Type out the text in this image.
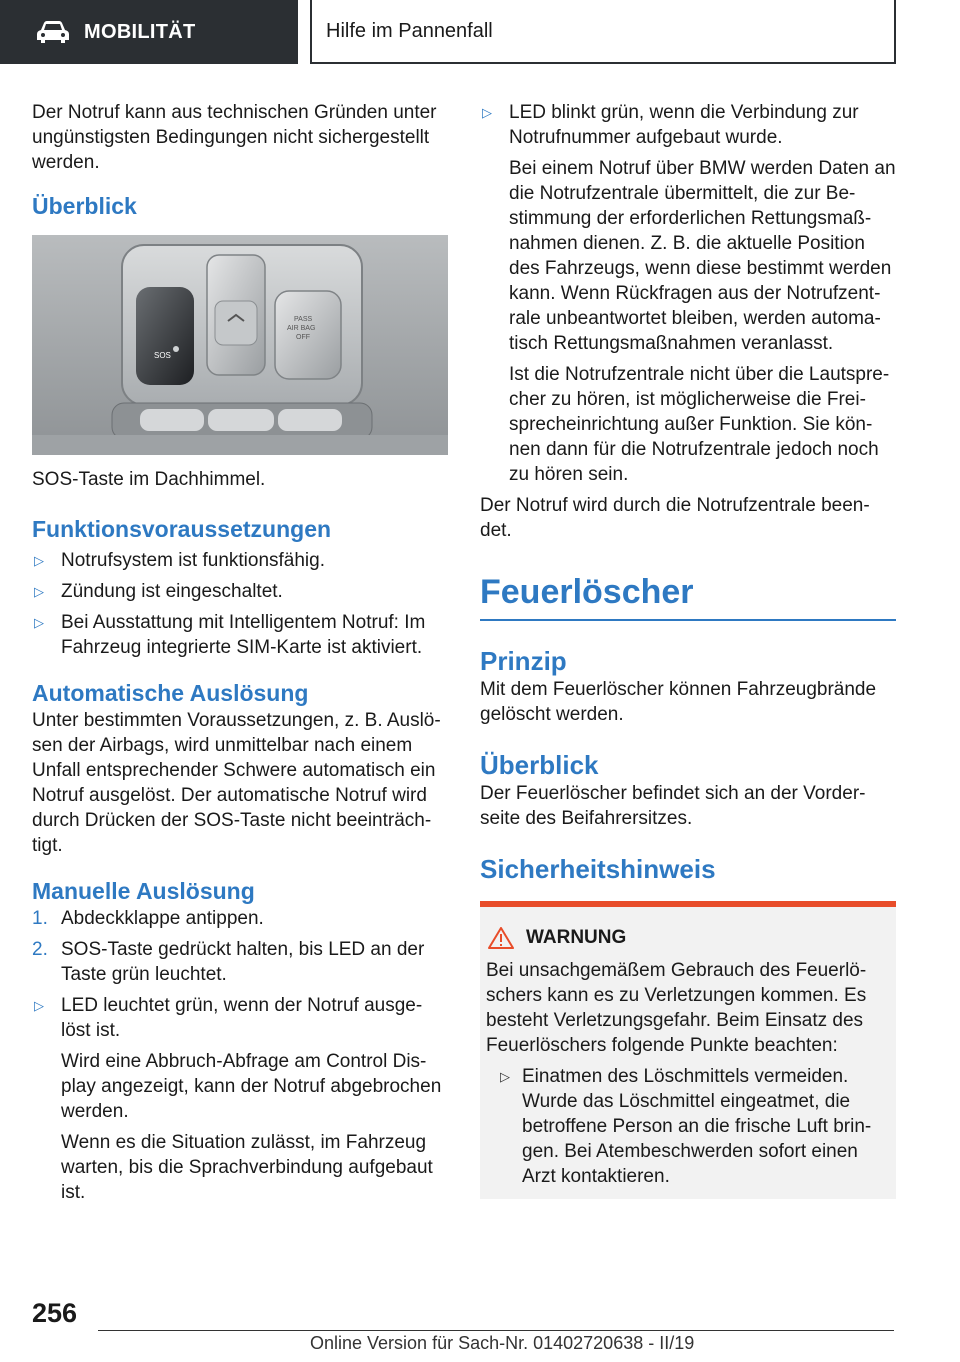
MOBILITÄT	Hilfe im Pannenfall

Der Notruf kann aus technischen Gründen unter ungünstigsten Bedingungen nicht sichergestellt werden.

Überblick

SOS
PASS
AIR BAG
OFF

SOS-Taste im Dachhimmel.

Funktionsvoraussetzungen

▷ Notrufsystem ist funktionsfähig.
▷ Zündung ist eingeschaltet.
▷ Bei Ausstattung mit Intelligentem Notruf: Im Fahrzeug integrierte SIM-Karte ist aktiviert.

Automatische Auslösung

Unter bestimmten Voraussetzungen, z. B. Auslö-sen der Airbags, wird unmittelbar nach einem Unfall entsprechender Schwere automatisch ein Notruf ausgelöst. Der automatische Notruf wird durch Drücken der SOS-Taste nicht beeinträch-tigt.

Manuelle Auslösung

1. Abdeckklappe antippen.
2. SOS-Taste gedrückt halten, bis LED an der Taste grün leuchtet.
▷ LED leuchtet grün, wenn der Notruf ausge-löst ist.

Wird eine Abbruch-Abfrage am Control Dis-play angezeigt, kann der Notruf abgebrochen werden.

Wenn es die Situation zulässt, im Fahrzeug warten, bis die Sprachverbindung aufgebaut ist.

▷ LED blinkt grün, wenn die Verbindung zur Notrufnummer aufgebaut wurde.

Bei einem Notruf über BMW werden Daten an die Notrufzentrale übermittelt, die zur Be-stimmung der erforderlichen Rettungsmaß-nahmen dienen. Z. B. die aktuelle Position des Fahrzeugs, wenn diese bestimmt werden kann. Wenn Rückfragen aus der Notrufzent-rale unbeantwortet bleiben, werden automa-tisch Rettungsmaßnahmen veranlasst.

Ist die Notrufzentrale nicht über die Lautspre-cher zu hören, ist möglicherweise die Frei-sprecheinrichtung außer Funktion. Sie kön-nen dann für die Notrufzentrale jedoch noch zu hören sein.

Der Notruf wird durch die Notrufzentrale been-det.

Feuerlöscher

Prinzip

Mit dem Feuerlöscher können Fahrzeugbrände gelöscht werden.

Überblick

Der Feuerlöscher befindet sich an der Vorder-seite des Beifahrersitzes.

Sicherheitshinweis

WARNUNG

Bei unsachgemäßem Gebrauch des Feuerlö-schers kann es zu Verletzungen kommen. Es besteht Verletzungsgefahr. Beim Einsatz des Feuerlöschers folgende Punkte beachten:

▷ Einatmen des Löschmittels vermeiden. Wurde das Löschmittel eingeatmet, die betroffene Person an die frische Luft brin-gen. Bei Atembeschwerden sofort einen Arzt kontaktieren.
256
Online Version für Sach-Nr. 01402720638 - II/19
